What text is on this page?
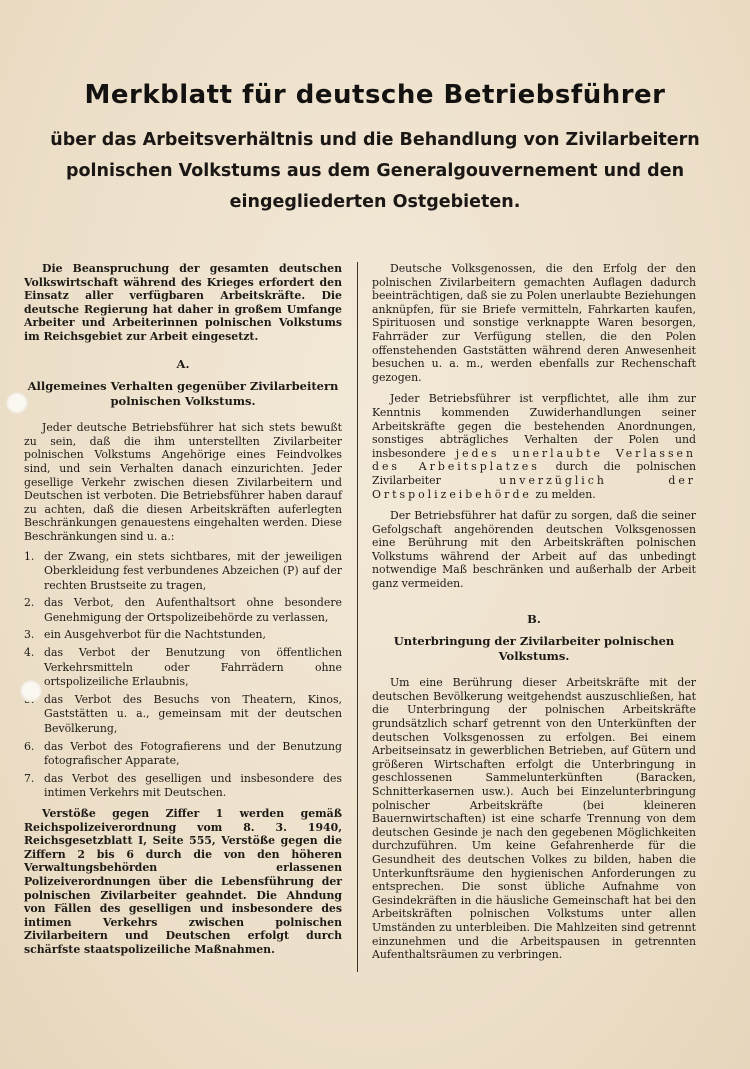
Merkblatt für deutsche Betriebsführer
über das Arbeitsverhältnis und die Behandlung von Zivilarbeitern polnischen Volkstums aus dem Generalgouvernement und den eingegliederten Ostgebieten.

Die Beanspruchung der gesamten deutschen Volkswirtschaft während des Krieges erfordert den Einsatz aller verfügbaren Arbeitskräfte. Die deutsche Regierung hat daher in großem Umfange Arbeiter und Arbeiterinnen polnischen Volkstums im Reichsgebiet zur Arbeit eingesetzt.

A.
Allgemeines Verhalten gegenüber Zivilarbeitern polnischen Volkstums.

Jeder deutsche Betriebsführer hat sich stets bewußt zu sein, daß die ihm unterstellten Zivilarbeiter polnischen Volkstums Angehörige eines Feindvolkes sind, und sein Verhalten danach einzurichten. Jeder gesellige Verkehr zwischen diesen Zivilarbeitern und Deutschen ist verboten. Die Betriebsführer haben darauf zu achten, daß die diesen Arbeitskräften auferlegten Beschränkungen genauestens eingehalten werden. Diese Beschränkungen sind u. a.:

1. der Zwang, ein stets sichtbares, mit der jeweiligen Oberkleidung fest verbundenes Abzeichen (P) auf der rechten Brustseite zu tragen,
2. das Verbot, den Aufenthaltsort ohne besondere Genehmigung der Ortspolizeibehörde zu verlassen,
3. ein Ausgehverbot für die Nachtstunden,
4. das Verbot der Benutzung von öffentlichen Verkehrsmitteln oder Fahrrädern ohne ortspolizeiliche Erlaubnis,
das Verbot des Besuchs von Theatern, Kinos, Gaststätten u. a., gemeinsam mit der deutschen Bevölkerung,
6. das Verbot des Fotografierens und der Benutzung fotografischer Apparate,
7. das Verbot des geselligen und insbesondere des intimen Verkehrs mit Deutschen.

Verstöße gegen Ziffer 1 werden gemäß Reichspolizeiverordnung vom 8. 3. 1940, Reichsgesetzblatt I, Seite 555, Verstöße gegen die Ziffern 2 bis 6 durch die von den höheren Verwaltungsbehörden erlassenen Polizeiverordnungen über die Lebensführung der polnischen Zivilarbeiter geahndet. Die Ahndung von Fällen des geselligen und insbesondere des intimen Verkehrs zwischen polnischen Zivilarbeitern und Deutschen erfolgt durch schärfste staatspolizeiliche Maßnahmen.

Deutsche Volksgenossen, die den Erfolg der den polnischen Zivilarbeitern gemachten Auflagen dadurch beeinträchtigen, daß sie zu Polen unerlaubte Beziehungen anknüpfen, für sie Briefe vermitteln, Fahrkarten kaufen, Spirituosen und sonstige verknappte Waren besorgen, Fahrräder zur Verfügung stellen, die den Polen offenstehenden Gaststätten während deren Anwesenheit besuchen u. a. m., werden ebenfalls zur Rechenschaft gezogen.

Jeder Betriebsführer ist verpflichtet, alle ihm zur Kenntnis kommenden Zuwiderhandlungen seiner Arbeitskräfte gegen die bestehenden Anordnungen, sonstiges abträgliches Verhalten der Polen und insbesondere jedes unerlaubte Verlassen des Arbeitsplatzes durch die polnischen Zivilarbeiter	unverzüglich der Ortspolizeibehörde zu melden.

Der Betriebsführer hat dafür zu sorgen, daß die seiner Gefolgschaft angehörenden deutschen Volksgenossen eine Berührung mit den Arbeitskräften polnischen Volkstums während der Arbeit auf das unbedingt notwendige Maß beschränken und außerhalb der Arbeit ganz vermeiden.

B.
Unterbringung der Zivilarbeiter polnischen Volkstums.

Um eine Berührung dieser Arbeitskräfte mit der deutschen Bevölkerung weitgehendst auszuschließen, hat die Unterbringung der polnischen Arbeitskräfte grundsätzlich scharf getrennt von den Unterkünften der deutschen Volksgenossen zu erfolgen. Bei einem Arbeitseinsatz in gewerblichen Betrieben, auf Gütern und größeren Wirtschaften erfolgt die Unterbringung in geschlossenen Sammelunterkünften (Baracken, Schnitterkasernen usw.). Auch bei Einzelunterbringung polnischer Arbeitskräfte (bei kleineren Bauernwirtschaften) ist eine scharfe Trennung von dem deutschen Gesinde je nach den gegebenen Möglichkeiten durchzuführen. Um keine Gefahrenherde für die Gesundheit des deutschen Volkes zu bilden, haben die Unterkunftsräume den hygienischen Anforderungen zu entsprechen. Die sonst übliche Aufnahme von Gesindekräften in die häusliche Gemeinschaft hat bei den Arbeitskräften polnischen Volkstums unter allen Umständen zu unterbleiben. Die Mahlzeiten sind getrennt einzunehmen und die Arbeitspausen in getrennten Aufenthaltsräumen zu verbringen.
